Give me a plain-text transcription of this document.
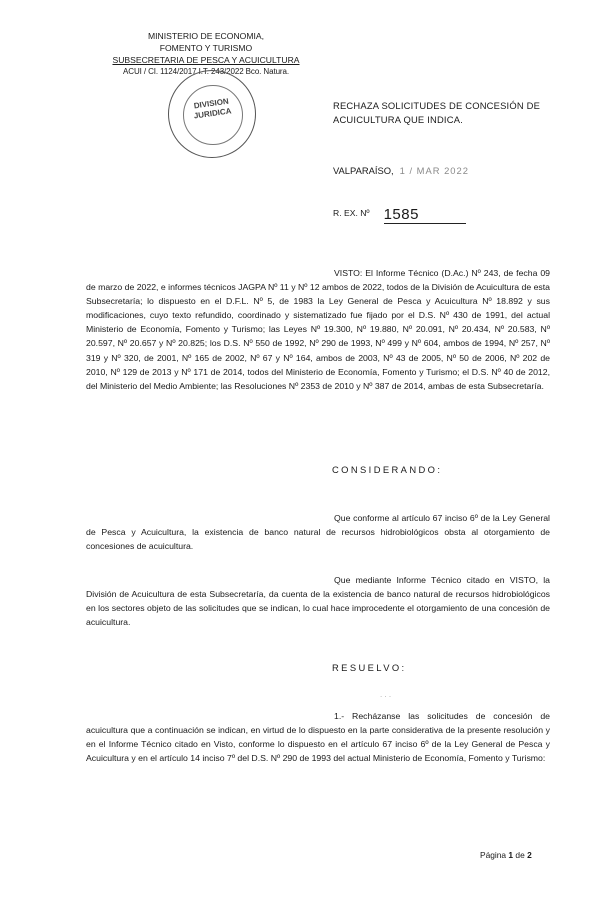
MINISTERIO DE ECONOMIA,
FOMENTO Y TURISMO
SUBSECRETARIA DE PESCA Y ACUICULTURA
ACUI / CI. 1124/2017 I.T. 243/2022 Bco. Natura.
DIVISION
JURIDICA
RECHAZA SOLICITUDES DE CONCESIÓN DE ACUICULTURA QUE INDICA.
VALPARAÍSO, 1 / MAR 2022
R. EX. Nº 1585
VISTO: El Informe Técnico (D.Ac.) Nº 243, de fecha 09 de marzo de 2022, e informes técnicos JAGPA Nº 11 y Nº 12 ambos de 2022, todos de la División de Acuicultura de esta Subsecretaría; lo dispuesto en el D.F.L. Nº 5, de 1983 la Ley General de Pesca y Acuicultura Nº 18.892 y sus modificaciones, cuyo texto refundido, coordinado y sistematizado fue fijado por el D.S. Nº 430 de 1991, del actual Ministerio de Economía, Fomento y Turismo; las Leyes Nº 19.300, Nº 19.880, Nº 20.091, Nº 20.434, Nº 20.583, Nº 20.597, Nº 20.657 y Nº 20.825; los D.S. Nº 550 de 1992, Nº 290 de 1993, Nº 499 y Nº 604, ambos de 1994, Nº 257, Nº 319 y Nº 320, de 2001, Nº 165 de 2002, Nº 67 y Nº 164, ambos de 2003, Nº 43 de 2005, Nº 50 de 2006, Nº 202 de 2010, Nº 129 de 2013 y Nº 171 de 2014, todos del Ministerio de Economía, Fomento y Turismo; el D.S. Nº 40 de 2012, del Ministerio del Medio Ambiente; las Resoluciones Nº 2353 de 2010 y Nº 387 de 2014, ambas de esta Subsecretaría.
CONSIDERANDO:
Que conforme al artículo 67 inciso 6º de la Ley General de Pesca y Acuicultura, la existencia de banco natural de recursos hidrobiológicos obsta al otorgamiento de concesiones de acuicultura.
Que mediante Informe Técnico citado en VISTO, la División de Acuicultura de esta Subsecretaría, da cuenta de la existencia de banco natural de recursos hidrobiológicos en los sectores objeto de las solicitudes que se indican, lo cual hace improcedente el otorgamiento de una concesión de acuicultura.
RESUELVO:
. . .
1.- Recházanse las solicitudes de concesión de acuicultura que a continuación se indican, en virtud de lo dispuesto en la parte considerativa de la presente resolución y en el Informe Técnico citado en Visto, conforme lo dispuesto en el artículo 67 inciso 6º de la Ley General de Pesca y Acuicultura y en el artículo 14 inciso 7º del D.S. Nº 290 de 1993 del actual Ministerio de Economía, Fomento y Turismo:
Página 1 de 2
